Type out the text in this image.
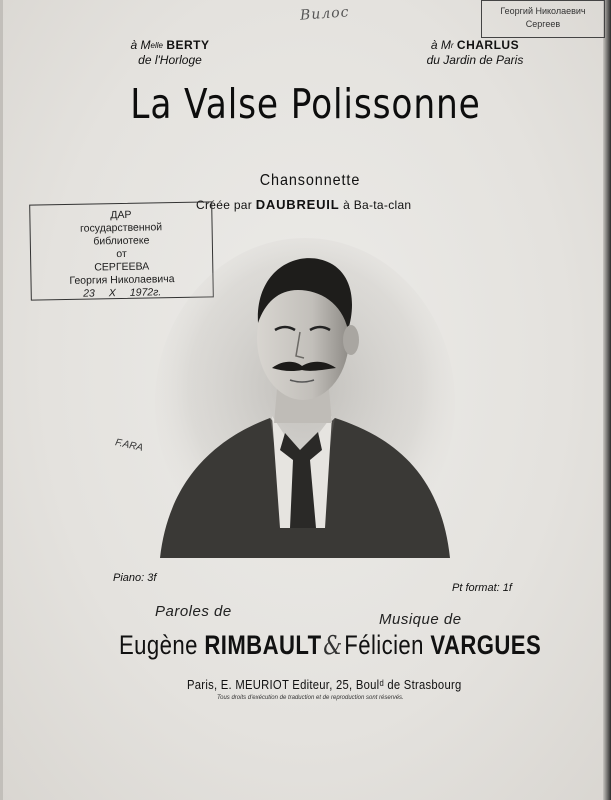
Вилос	Георгий Николаевич
Сергеев
à $M^{elle}$ BERTY
de l'Horloge
à $M^r$ CHARLUS
du Jardin de Paris
La Valse Polissonne
Chansonnette
Créée par DAUBREUIL à Ba-ta-clan
ДАР
государственной
библиотеке
от
СЕРГЕЕВА
Георгия Николаевича
23 X 1972г.
F.ARA
Piano: 3f
Pt format: 1f
Paroles de	Musique de
Eugène RIMBAULT&Félicien VARGUES
Paris, E. MEURIOT Editeur, 25, Boulᵈ de Strasbourg
Tous droits d'exécution de traduction et de reproduction sont réservés.
